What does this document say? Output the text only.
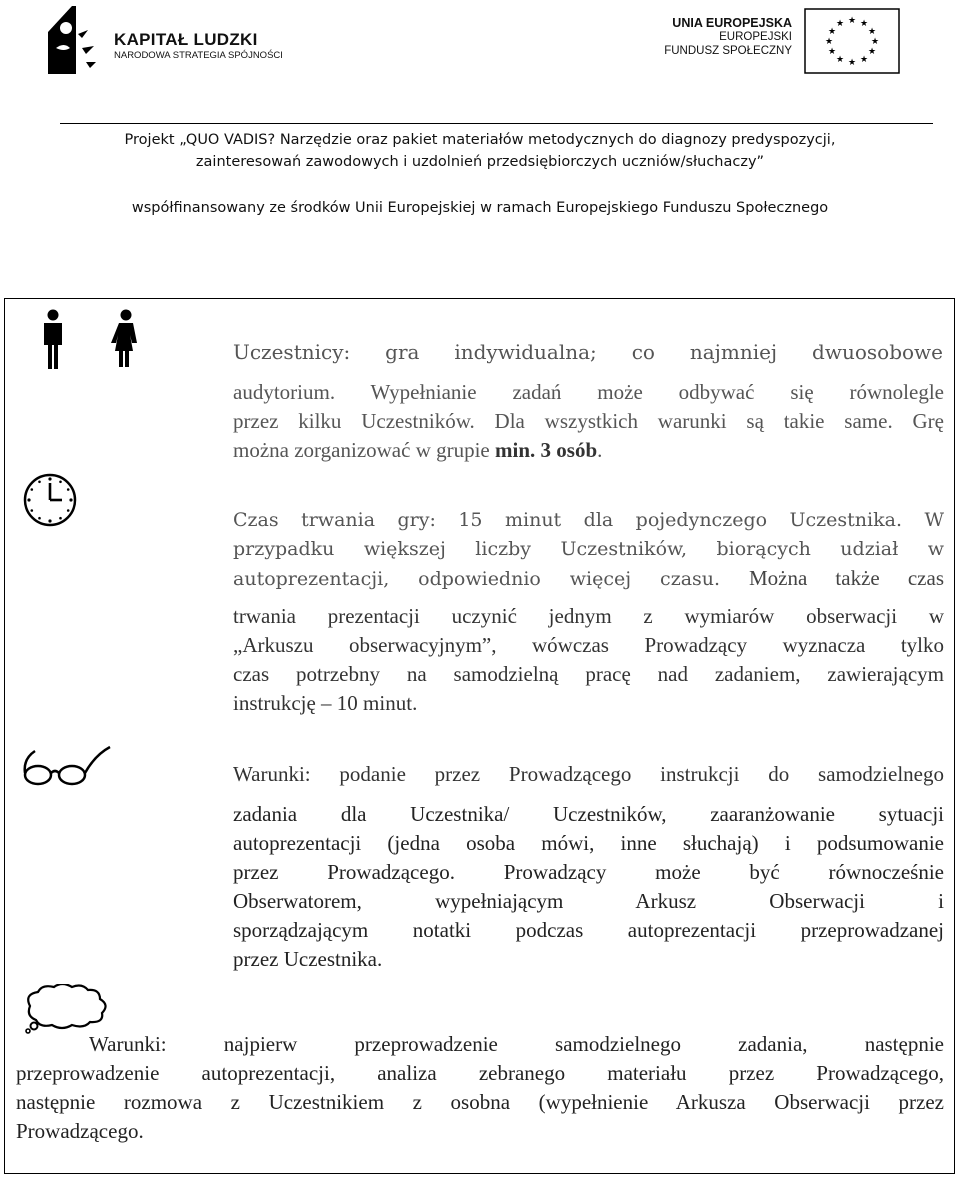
KAPITAŁ LUDZKI
NARODOWA STRATEGIA SPÓJNOŚCI
UNIA EUROPEJSKA
EUROPEJSKI
FUNDUSZ SPOŁECZNY
★ ★
★
★
★
★
★
★
★
★
★
★
Projekt „QUO VADIS? Narzędzie oraz pakiet materiałów metodycznych do diagnozy predyspozycji,
zainteresowań zawodowych i uzdolnień przedsiębiorczych uczniów/słuchaczy”
współfinansowany ze środków Unii Europejskiej w ramach Europejskiego Funduszu Społecznego
Uczestnicy: gra indywidualna; co najmniej dwuosobowe
audytorium. Wypełnianie zadań może odbywać się równolegle
przez kilku Uczestników. Dla wszystkich warunki są takie same. Grę
można zorganizować w grupie min. 3 osób.
Czas trwania gry: 15 minut dla pojedynczego Uczestnika. W
przypadku większej liczby Uczestników, biorących udział w
autoprezentacji, odpowiednio więcej czasu. Można także czas
trwania prezentacji uczynić jednym z wymiarów obserwacji w
„Arkuszu obserwacyjnym”, wówczas Prowadzący wyznacza tylko
czas potrzebny na samodzielną pracę nad zadaniem, zawierającym
instrukcję – 10 minut.
Warunki: podanie przez Prowadzącego instrukcji do samodzielnego
zadania dla Uczestnika/ Uczestników, zaaranżowanie sytuacji
autoprezentacji (jedna osoba mówi, inne słuchają) i podsumowanie
przez Prowadzącego. Prowadzący może być równocześnie
Obserwatorem, wypełniającym Arkusz Obserwacji i
sporządzającym notatki podczas autoprezentacji przeprowadzanej
przez Uczestnika.
Warunki: najpierw przeprowadzenie samodzielnego zadania, następnie
przeprowadzenie autoprezentacji, analiza zebranego materiału przez Prowadzącego,
następnie rozmowa z Uczestnikiem z osobna (wypełnienie Arkusza Obserwacji przez
Prowadzącego.
